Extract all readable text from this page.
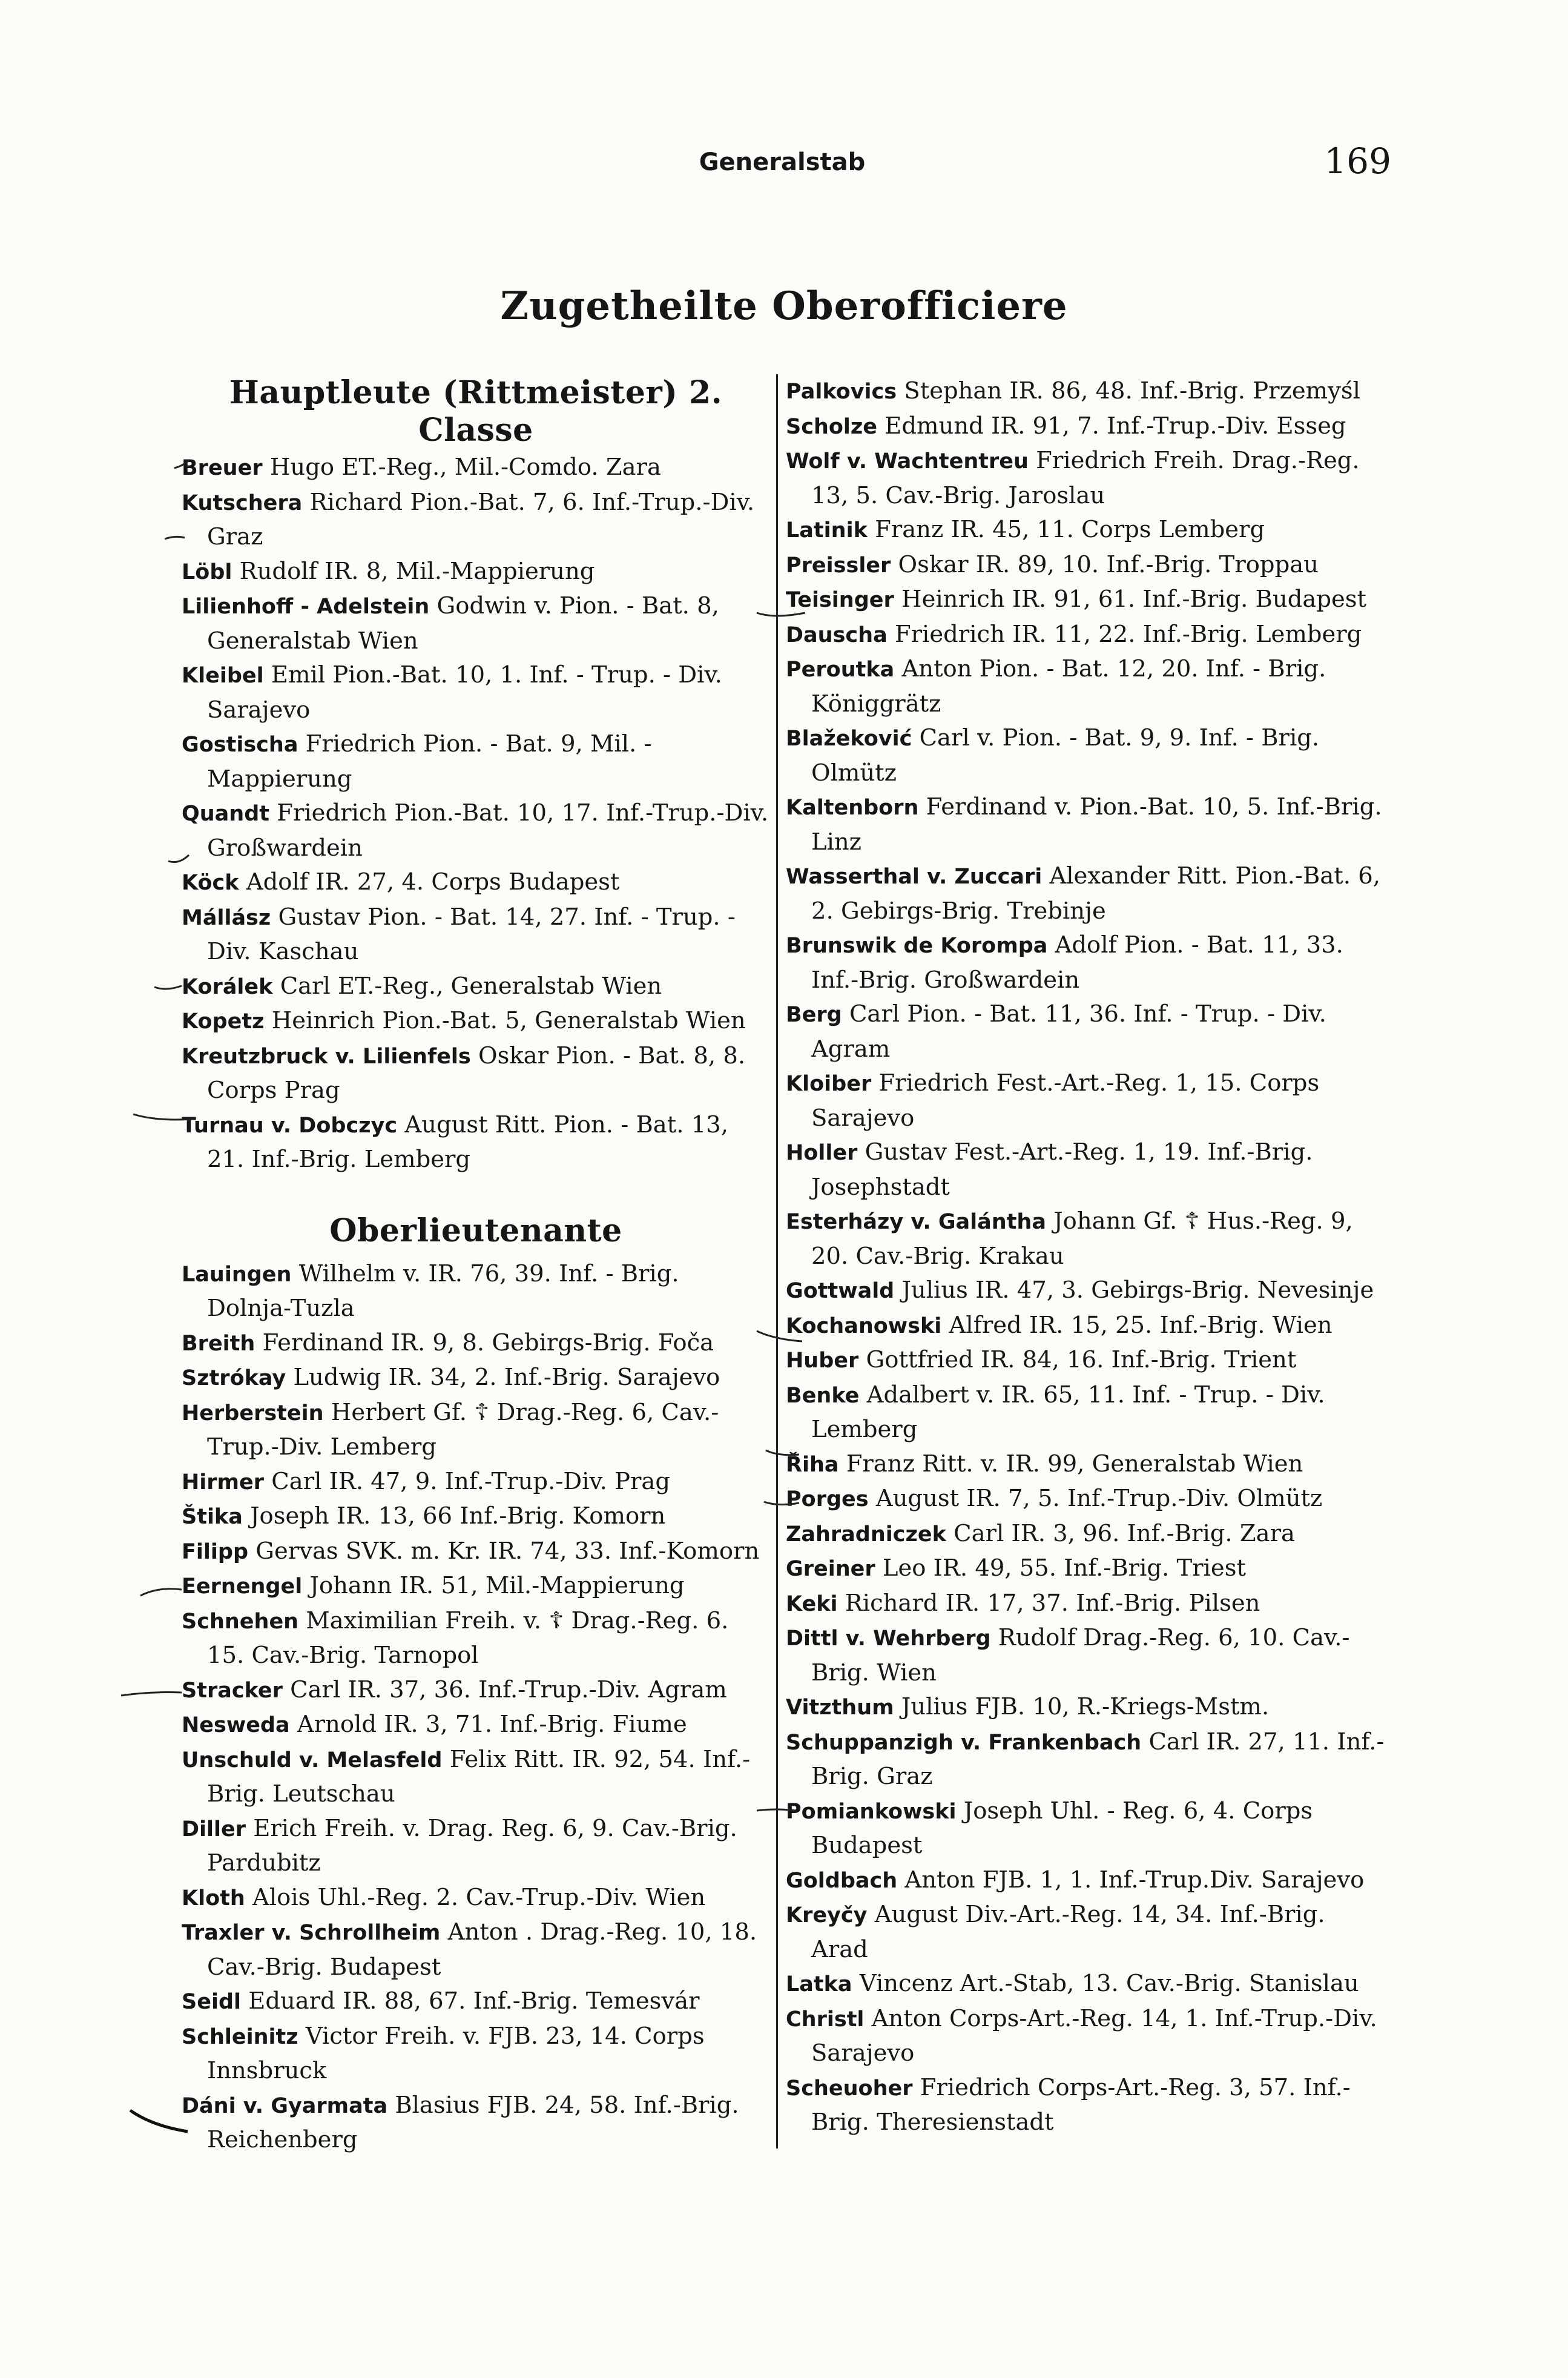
Generalstab	169
Zugetheilte Oberofficiere
Hauptleute (Rittmeister) 2. Classe
Breuer Hugo ET.-Reg., Mil.-Comdo. Zara
Kutschera Richard Pion.-Bat. 7, 6. Inf.-Trup.-Div. Graz
Löbl Rudolf IR. 8, Mil.-Mappierung
Lilienhoff - Adelstein Godwin v. Pion. - Bat. 8, Generalstab Wien
Kleibel Emil Pion.-Bat. 10, 1. Inf. - Trup. - Div. Sarajevo
Gostischa Friedrich Pion. - Bat. 9, Mil. - Mappierung
Quandt Friedrich Pion.-Bat. 10, 17. Inf.-Trup.-Div. Großwardein
Köck Adolf IR. 27, 4. Corps Budapest
Mállász Gustav Pion. - Bat. 14, 27. Inf. - Trup. - Div. Kaschau
Korálek Carl ET.-Reg., Generalstab Wien
Kopetz Heinrich Pion.-Bat. 5, Generalstab Wien
Kreutzbruck v. Lilienfels Oskar Pion. - Bat. 8, 8. Corps Prag
Turnau v. Dobczyc August Ritt. Pion. - Bat. 13, 21. Inf.-Brig. Lemberg
Oberlieutenante
Lauingen Wilhelm v. IR. 76, 39. Inf. - Brig. Dolnja-Tuzla
Breith Ferdinand IR. 9, 8. Gebirgs-Brig. Foča
Sztrókay Ludwig IR. 34, 2. Inf.-Brig. Sarajevo
Herberstein Herbert Gf. ☦ Drag.-Reg. 6, Cav.-Trup.-Div. Lemberg
Hirmer Carl IR. 47, 9. Inf.-Trup.-Div. Prag
Štika Joseph IR. 13, 66 Inf.-Brig. Komorn
Filipp Gervas SVK. m. Kr. IR. 74, 33. Inf.-Komorn
Eernengel Johann IR. 51, Mil.-Mappierung
Schnehen Maximilian Freih. v. ☦ Drag.-Reg. 6. 15. Cav.-Brig. Tarnopol
Stracker Carl IR. 37, 36. Inf.-Trup.-Div. Agram
Nesweda Arnold IR. 3, 71. Inf.-Brig. Fiume
Unschuld v. Melasfeld Felix Ritt. IR. 92, 54. Inf.-Brig. Leutschau
Diller Erich Freih. v. Drag. Reg. 6, 9. Cav.-Brig. Pardubitz
Kloth Alois Uhl.-Reg. 2. Cav.-Trup.-Div. Wien
Traxler v. Schrollheim Anton . Drag.-Reg. 10, 18. Cav.-Brig. Budapest
Seidl Eduard IR. 88, 67. Inf.-Brig. Temesvár
Schleinitz Victor Freih. v. FJB. 23, 14. Corps Innsbruck
Dáni v. Gyarmata Blasius FJB. 24, 58. Inf.-Brig. Reichenberg
Palkovics Stephan IR. 86, 48. Inf.-Brig. Przemyśl
Scholze Edmund IR. 91, 7. Inf.-Trup.-Div. Esseg
Wolf v. Wachtentreu Friedrich Freih. Drag.-Reg. 13, 5. Cav.-Brig. Jaroslau
Latinik Franz IR. 45, 11. Corps Lemberg
Preissler Oskar IR. 89, 10. Inf.-Brig. Troppau
Teisinger Heinrich IR. 91, 61. Inf.-Brig. Budapest
Dauscha Friedrich IR. 11, 22. Inf.-Brig. Lemberg
Peroutka Anton Pion. - Bat. 12, 20. Inf. - Brig. Königgrätz
Blažeković Carl v. Pion. - Bat. 9, 9. Inf. - Brig. Olmütz
Kaltenborn Ferdinand v. Pion.-Bat. 10, 5. Inf.-Brig. Linz
Wasserthal v. Zuccari Alexander Ritt. Pion.-Bat. 6, 2. Gebirgs-Brig. Trebinje
Brunswik de Korompa Adolf Pion. - Bat. 11, 33. Inf.-Brig. Großwardein
Berg Carl Pion. - Bat. 11, 36. Inf. - Trup. - Div. Agram
Kloiber Friedrich Fest.-Art.-Reg. 1, 15. Corps Sarajevo
Holler Gustav Fest.-Art.-Reg. 1, 19. Inf.-Brig. Josephstadt
Esterházy v. Galántha Johann Gf. ☦ Hus.-Reg. 9, 20. Cav.-Brig. Krakau
Gottwald Julius IR. 47, 3. Gebirgs-Brig. Nevesinje
Kochanowski Alfred IR. 15, 25. Inf.-Brig. Wien
Huber Gottfried IR. 84, 16. Inf.-Brig. Trient
Benke Adalbert v. IR. 65, 11. Inf. - Trup. - Div. Lemberg
Řiha Franz Ritt. v. IR. 99, Generalstab Wien
Porges August IR. 7, 5. Inf.-Trup.-Div. Olmütz
Zahradniczek Carl IR. 3, 96. Inf.-Brig. Zara
Greiner Leo IR. 49, 55. Inf.-Brig. Triest
Keki Richard IR. 17, 37. Inf.-Brig. Pilsen
Dittl v. Wehrberg Rudolf Drag.-Reg. 6, 10. Cav.-Brig. Wien
Vitzthum Julius FJB. 10, R.-Kriegs-Mstm.
Schuppanzigh v. Frankenbach Carl IR. 27, 11. Inf.-Brig. Graz
Pomiankowski Joseph Uhl. - Reg. 6, 4. Corps Budapest
Goldbach Anton FJB. 1, 1. Inf.-Trup.Div. Sarajevo
Kreyčy August Div.-Art.-Reg. 14, 34. Inf.-Brig. Arad
Latka Vincenz Art.-Stab, 13. Cav.-Brig. Stanislau
Christl Anton Corps-Art.-Reg. 14, 1. Inf.-Trup.-Div. Sarajevo
Scheuoher Friedrich Corps-Art.-Reg. 3, 57. Inf.-Brig. Theresienstadt
